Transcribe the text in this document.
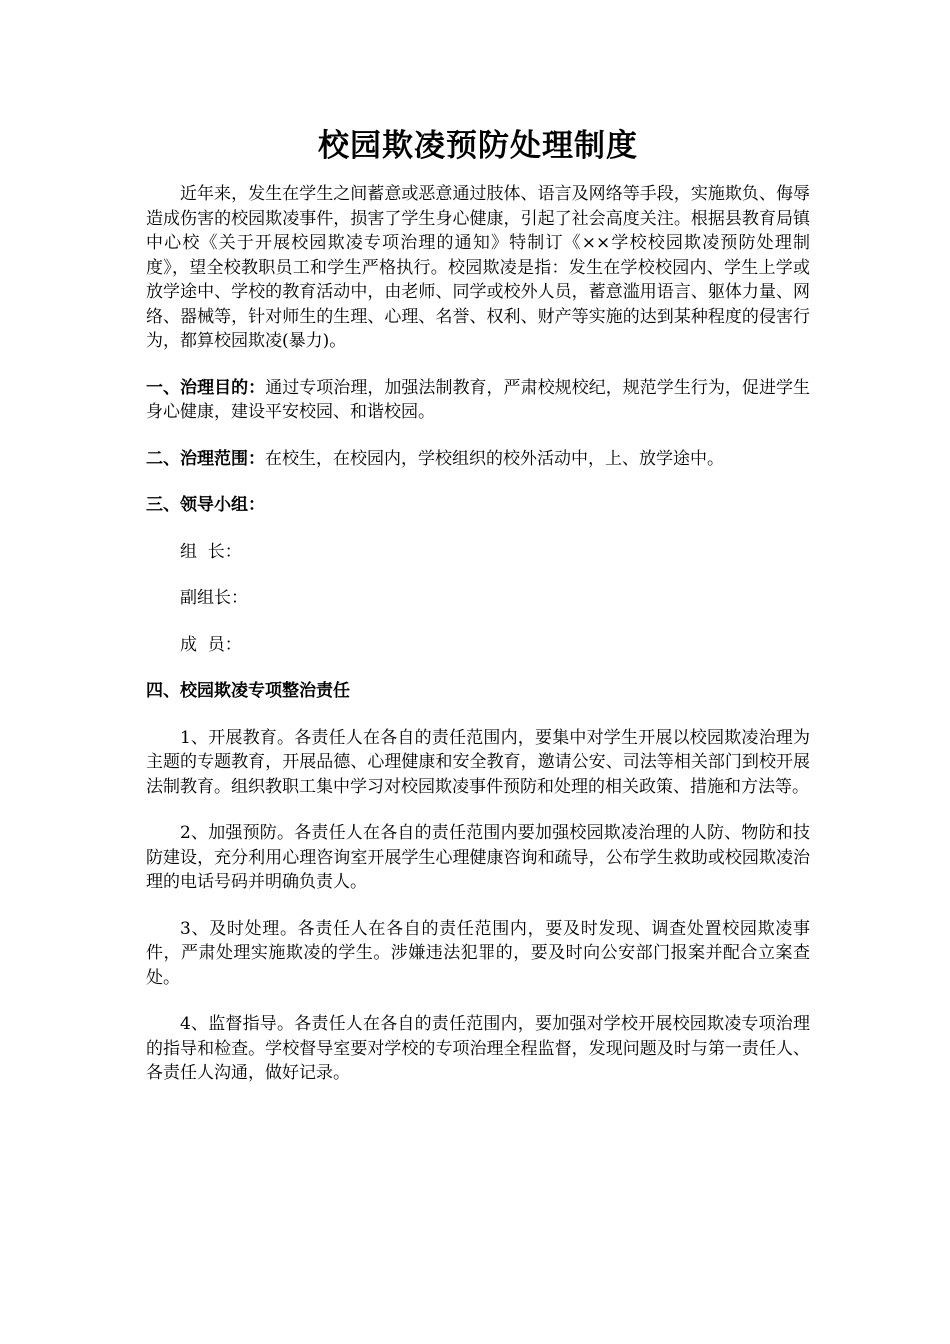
校园欺凌预防处理制度

近年来，发生在学生之间蓄意或恶意通过肢体、语言及网络等手段，实施欺负、侮辱造成伤害的校园欺凌事件，损害了学生身心健康，引起了社会高度关注。根据县教育局镇中心校《关于开展校园欺凌专项治理的通知》特制订《××学校校园欺凌预防处理制度》，望全校教职员工和学生严格执行。校园欺凌是指：发生在学校校园内、学生上学或放学途中、学校的教育活动中，由老师、同学或校外人员，蓄意滥用语言、躯体力量、网络、器械等，针对师生的生理、心理、名誉、权利、财产等实施的达到某种程度的侵害行为，都算校园欺凌(暴力)。

一、治理目的：通过专项治理，加强法制教育，严肃校规校纪，规范学生行为，促进学生身心健康，建设平安校园、和谐校园。

二、治理范围：在校生，在校园内，学校组织的校外活动中，上、放学途中。

三、领导小组：

组  长：

副组长：

成  员：

四、校园欺凌专项整治责任

1、开展教育。各责任人在各自的责任范围内，要集中对学生开展以校园欺凌治理为主题的专题教育，开展品德、心理健康和安全教育，邀请公安、司法等相关部门到校开展法制教育。组织教职工集中学习对校园欺凌事件预防和处理的相关政策、措施和方法等。

2、加强预防。各责任人在各自的责任范围内要加强校园欺凌治理的人防、物防和技防建设，充分利用心理咨询室开展学生心理健康咨询和疏导，公布学生救助或校园欺凌治理的电话号码并明确负责人。

3、及时处理。各责任人在各自的责任范围内，要及时发现、调查处置校园欺凌事件，严肃处理实施欺凌的学生。涉嫌违法犯罪的，要及时向公安部门报案并配合立案查处。

4、监督指导。各责任人在各自的责任范围内，要加强对学校开展校园欺凌专项治理的指导和检查。学校督导室要对学校的专项治理全程监督，发现问题及时与第一责任人、各责任人沟通，做好记录。
